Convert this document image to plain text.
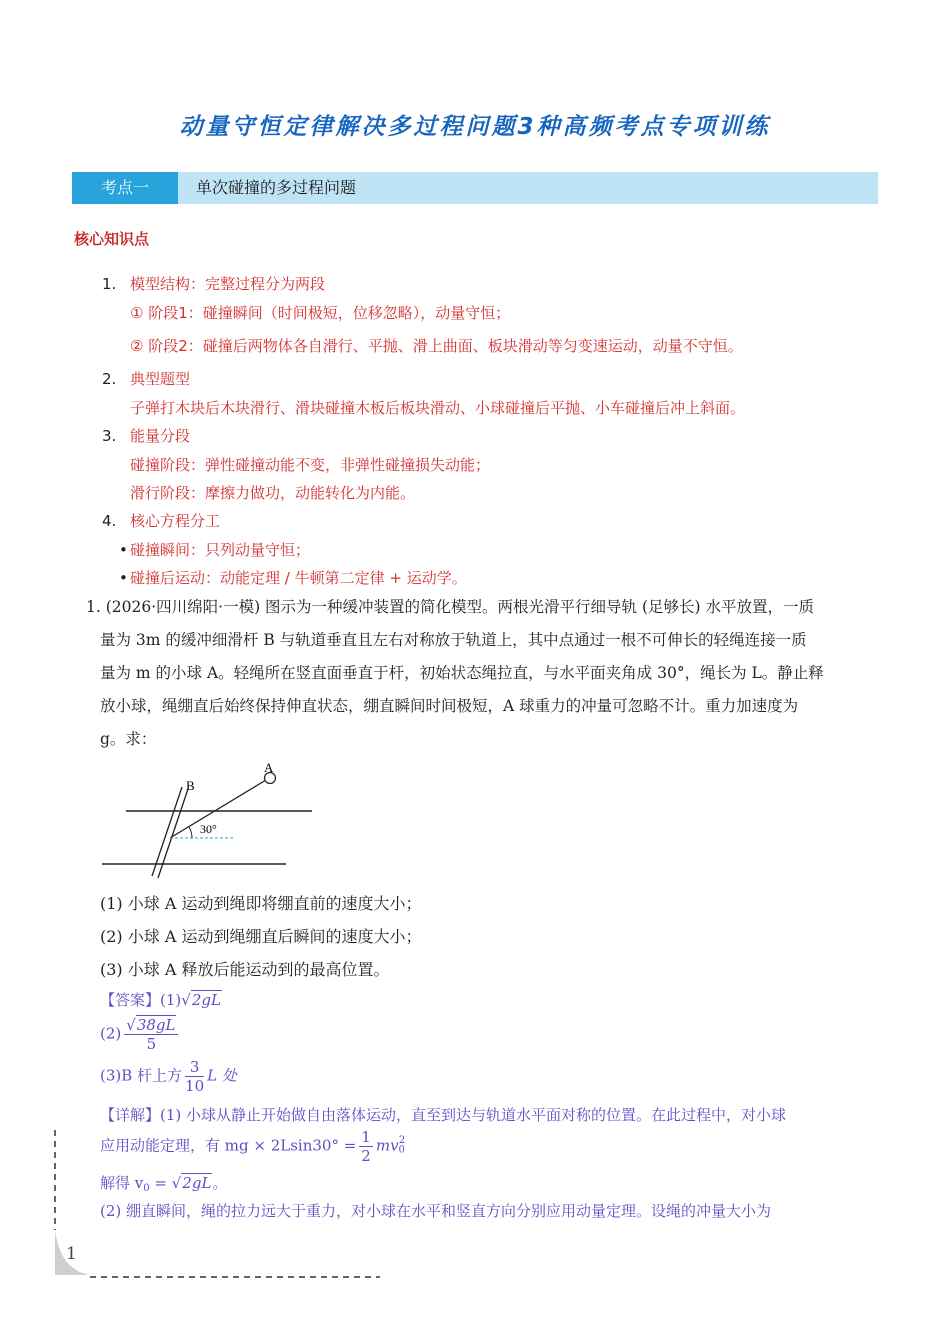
动量守恒定律解决多过程问题3种高频考点专项训练
考点一	单次碰撞的多过程问题
核心知识点
1. 模型结构：完整过程分为两段
① 阶段1：碰撞瞬间（时间极短，位移忽略），动量守恒；
② 阶段2：碰撞后两物体各自滑行、平抛、滑上曲面、板块滑动等匀变速运动，动量不守恒。
2. 典型题型
子弹打木块后木块滑行、滑块碰撞木板后板块滑动、小球碰撞后平抛、小车碰撞后冲上斜面。
3. 能量分段
碰撞阶段：弹性碰撞动能不变，非弹性碰撞损失动能；
滑行阶段：摩擦力做功，动能转化为内能。
4. 核心方程分工
• 碰撞瞬间：只列动量守恒；
• 碰撞后运动：动能定理 / 牛顿第二定律 + 运动学。
1. (2026·四川绵阳·一模) 图示为一种缓冲装置的简化模型。两根光滑平行细导轨 (足够长) 水平放置，一质
量为 3m 的缓冲细滑杆 B 与轨道垂直且左右对称放于轨道上，其中点通过一根不可伸长的轻绳连接一质
量为 m 的小球 A。轻绳所在竖直面垂直于杆，初始状态绳拉直，与水平面夹角成 30°，绳长为 L。静止释
放小球，绳绷直后始终保持伸直状态，绷直瞬间时间极短，A 球重力的冲量可忽略不计。重力加速度为
g。求：
A
B
30°
(1) 小球 A 运动到绳即将绷直前的速度大小；
(2) 小球 A 运动到绳绷直后瞬间的速度大小；
(3) 小球 A 释放后能运动到的最高位置。
【答案】(1)√2gL
$(2) \frac{√38gL}{5}$
(3)B 杆上方 $\frac{3}{10}$ L 处
【详解】(1) 小球从静止开始做自由落体运动，直至到达与轨道水平面对称的位置。在此过程中，对小球
应用动能定理，有 mg × $2Lsin30^\circ = \frac{1}{2} mv0^2$
解得 $v_0 = √2gL$。
(2) 绷直瞬间，绳的拉力远大于重力，对小球在水平和竖直方向分别应用动量定理。设绳的冲量大小为
1
